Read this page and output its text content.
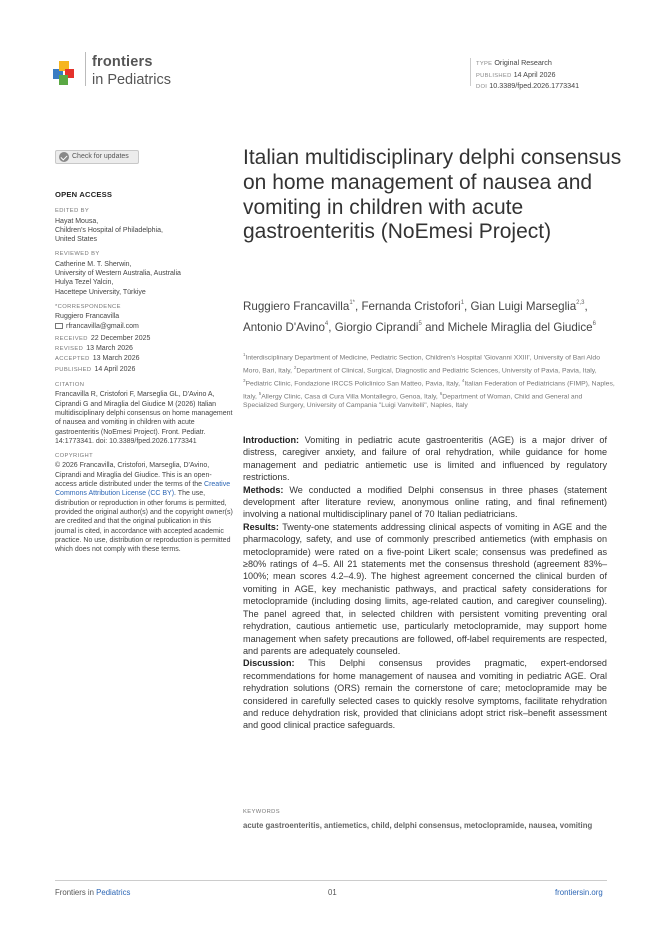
frontiers
in Pediatrics
TYPE Original Research
PUBLISHED 14 April 2026
DOI 10.3389/fped.2026.1773341
Check for updates
OPEN ACCESS
EDITED BY
Hayat Mousa,
Children's Hospital of Philadelphia,
United States
REVIEWED BY
Catherine M. T. Sherwin,
University of Western Australia, Australia
Hulya Tezel Yalcin,
Hacettepe University, Türkiye
*CORRESPONDENCE
Ruggiero Francavilla
rfrancavilla@gmail.com
RECEIVED 22 December 2025
REVISED 13 March 2026
ACCEPTED 13 March 2026
PUBLISHED 14 April 2026
CITATION
Francavilla R, Cristofori F, Marseglia GL, D'Avino A, Ciprandi G and Miraglia del Giudice M (2026) Italian multidisciplinary delphi consensus on home management of nausea and vomiting in children with acute gastroenteritis (NoEmesi Project). Front. Pediatr. 14:1773341. doi: 10.3389/fped.2026.1773341
COPYRIGHT
© 2026 Francavilla, Cristofori, Marseglia, D'Avino, Ciprandi and Miraglia del Giudice. This is an open-access article distributed under the terms of the Creative Commons Attribution License (CC BY). The use, distribution or reproduction in other forums is permitted, provided the original author(s) and the copyright owner(s) are credited and that the original publication in this journal is cited, in accordance with accepted academic practice. No use, distribution or reproduction is permitted which does not comply with these terms.
Italian multidisciplinary delphi consensus on home management of nausea and vomiting in children with acute gastroenteritis (NoEmesi Project)
Ruggiero Francavilla$^{1*}$, Fernanda Cristofori$^1$, Gian Luigi Marseglia$^{2,3}$, Antonio D'Avino$^4$, Giorgio Ciprandi$^5$ and Michele Miraglia del Giudice$^6$
$^1$Interdisciplinary Department of Medicine, Pediatric Section, Children's Hospital 'Giovanni XXIII', University of Bari Aldo Moro, Bari, Italy, $^2$Department of Clinical, Surgical, Diagnostic and Pediatric Sciences, University of Pavia, Pavia, Italy, $^3$Pediatric Clinic, Fondazione IRCCS Policlinico San Matteo, Pavia, Italy, $^4$Italian Federation of Pediatricians (FIMP), Naples, Italy, $^5$Allergy Clinic, Casa di Cura Villa Montallegro, Genoa, Italy, $^6$Department of Woman, Child and General and Specialized Surgery, University of Campania "Luigi Vanvitelli", Naples, Italy

Introduction: Vomiting in pediatric acute gastroenteritis (AGE) is a major driver of distress, caregiver anxiety, and failure of oral rehydration, while guidance for home management and pediatric antiemetic use is limited and influenced by regulatory restrictions.

Methods: We conducted a modified Delphi consensus in three phases (statement development after literature review, anonymous online rating, and final refinement) involving a national multidisciplinary panel of 70 Italian pediatricians.

Results: Twenty-one statements addressing clinical aspects of vomiting in AGE and the pharmacology, safety, and use of commonly prescribed antiemetics (with emphasis on metoclopramide) were rated on a five-point Likert scale; consensus was predefined as ≥80% ratings of 4–5. All 21 statements met the consensus threshold (agreement 83%–100%; mean scores 4.2–4.9). The highest agreement concerned the clinical burden of vomiting in AGE, key mechanistic pathways, and practical safety considerations for metoclopramide (including dosing limits, age-related caution, and caregiver counseling). The panel agreed that, in selected children with persistent vomiting preventing oral rehydration, cautious antiemetic use, particularly metoclopramide, may support home management when safety precautions are followed, off-label requirements are respected, and parents are adequately counseled.

Discussion: This Delphi consensus provides pragmatic, expert-endorsed recommendations for home management of nausea and vomiting in pediatric AGE. Oral rehydration solutions (ORS) remain the cornerstone of care; metoclopramide may be considered in carefully selected cases to quickly resolve symptoms, facilitate rehydration and reduce dehydration risk, provided that clinicians adopt strict risk–benefit assessment and good clinical practice safeguards.

KEYWORDS
acute gastroenteritis, antiemetics, child, delphi consensus, metoclopramide, nausea, vomiting
Frontiers in Pediatrics	01	frontiersin.org
